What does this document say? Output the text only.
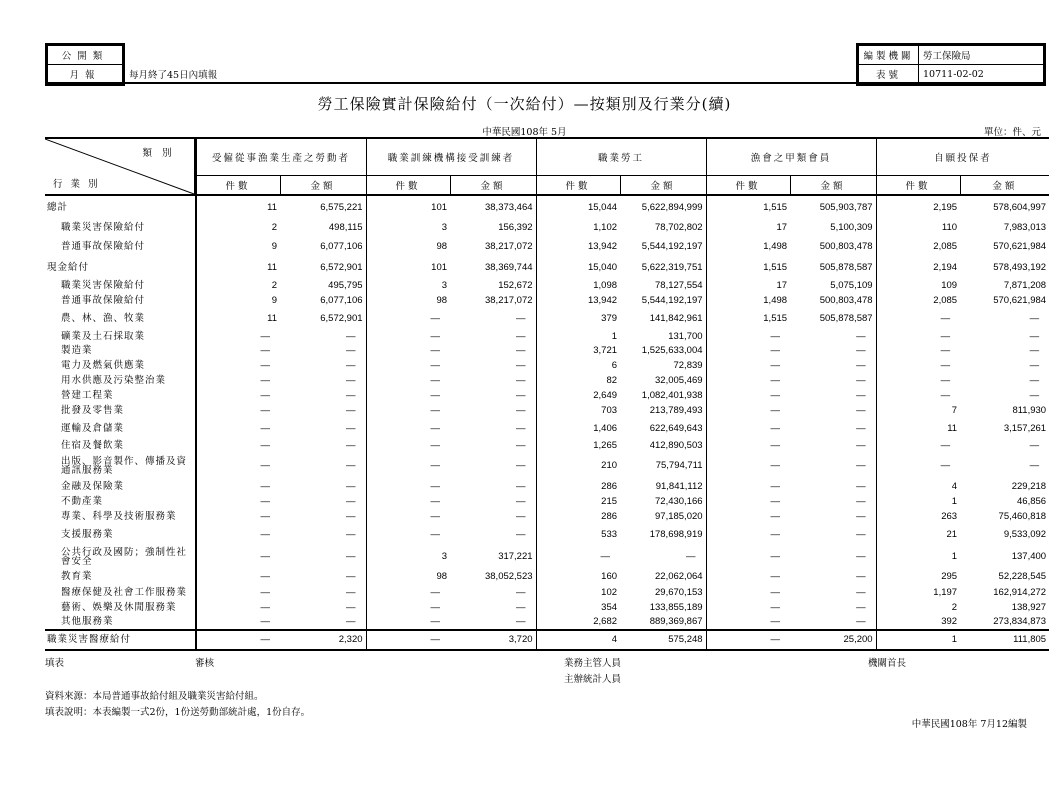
公開類
月報	每月終了45日內填報
編製機關	勞工保險局
表號	10711-02-02
勞工保險實計保險給付（一次給付）—按類別及行業分(續)
中華民國108年 5月	單位：件、元
類別
行業別	受僱從事漁業生產之勞動者		職業訓練機構接受訓練者		職業勞工		漁會之甲類會員		自願投保者	
	件數	金額	件數	金額	件數	金額	件數	金額	件數	金額
總計	11	6,575,221	101	38,373,464	15,044	5,622,894,999	1,515	505,903,787	2,195	578,604,997
職業災害保險給付	2	498,115	3	156,392	1,102	78,702,802	17	5,100,309	110	7,983,013
普通事故保險給付	9	6,077,106	98	38,217,072	13,942	5,544,192,197	1,498	500,803,478	2,085	570,621,984
現金給付	11	6,572,901	101	38,369,744	15,040	5,622,319,751	1,515	505,878,587	2,194	578,493,192
職業災害保險給付	2	495,795	3	152,672	1,098	78,127,554	17	5,075,109	109	7,871,208
普通事故保險給付	9	6,077,106	98	38,217,072	13,942	5,544,192,197	1,498	500,803,478	2,085	570,621,984
農、林、漁、牧業	11	6,572,901	—	—	379	141,842,961	1,515	505,878,587	—	—
礦業及土石採取業	—	—	—	—	1	131,700	—	—	—	—
製造業	—	—	—	—	3,721	1,525,633,004	—	—	—	—
電力及燃氣供應業	—	—	—	—	6	72,839	—	—	—	—
用水供應及污染整治業	—	—	—	—	82	32,005,469	—	—	—	—
營建工程業	—	—	—	—	2,649	1,082,401,938	—	—	—	—
批發及零售業	—	—	—	—	703	213,789,493	—	—	7	811,930
運輸及倉儲業	—	—	—	—	1,406	622,649,643	—	—	11	3,157,261
住宿及餐飲業	—	—	—	—	1,265	412,890,503	—	—	—	—
出版、影音製作、傳播及資通訊服務業	—	—	—	—	210	75,794,711	—	—	—	—
金融及保險業	—	—	—	—	286	91,841,112	—	—	4	229,218
不動產業	—	—	—	—	215	72,430,166	—	—	1	46,856
專業、科學及技術服務業	—	—	—	—	286	97,185,020	—	—	263	75,460,818
支援服務業	—	—	—	—	533	178,698,919	—	—	21	9,533,092
公共行政及國防；強制性社會安全	—	—	3	317,221	—	—	—	—	1	137,400
教育業	—	—	98	38,052,523	160	22,062,064	—	—	295	52,228,545
醫療保健及社會工作服務業	—	—	—	—	102	29,670,153	—	—	1,197	162,914,272
藝術、娛樂及休閒服務業	—	—	—	—	354	133,855,189	—	—	2	138,927
其他服務業	—	—	—	—	2,682	889,369,867	—	—	392	273,834,873
職業災害醫療給付	—	2,320	—	3,720	4	575,248	—	25,200	1	111,805
填表	審核	業務主管人員
主辦統計人員
機關首長
資料來源：本局普通事故給付組及職業災害給付組。
填表說明：本表編製一式2份，1份送勞動部統計處，1份自存。
中華民國108年 7月12編製
